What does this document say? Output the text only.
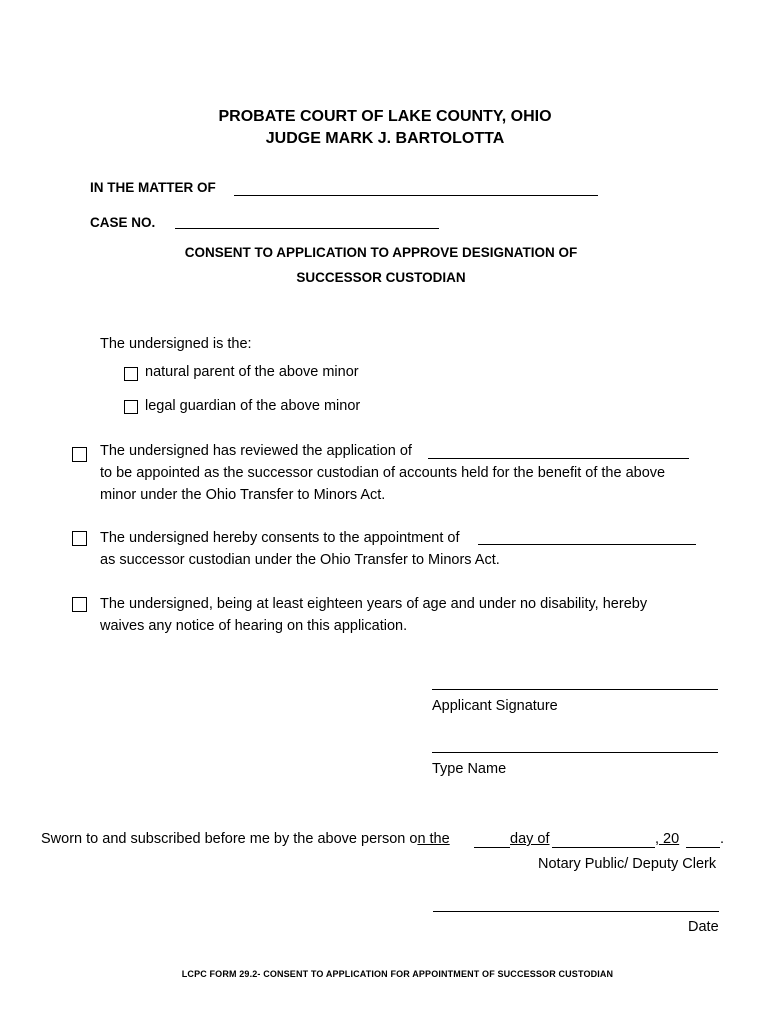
PROBATE COURT OF LAKE COUNTY, OHIO
JUDGE MARK J. BARTOLOTTA
IN THE MATTER OF
CASE NO.
CONSENT TO APPLICATION TO APPROVE DESIGNATION OF
SUCCESSOR CUSTODIAN
The undersigned is the:
natural parent of the above minor
legal guardian of the above minor
The undersigned has reviewed the application of
to be appointed as the successor custodian of accounts held for the benefit of the above
minor under the Ohio Transfer to Minors Act.
The undersigned hereby consents to the appointment of
as successor custodian under the Ohio Transfer to Minors Act.
The undersigned, being at least eighteen years of age and under no disability, hereby
waives any notice of hearing on this application.
Applicant Signature
Type Name
Sworn to and subscribed before me by the above person on the	day of	, 20	.
Notary Public/ Deputy Clerk
Date
LCPC FORM 29.2- CONSENT TO APPLICATION FOR APPOINTMENT OF SUCCESSOR CUSTODIAN
